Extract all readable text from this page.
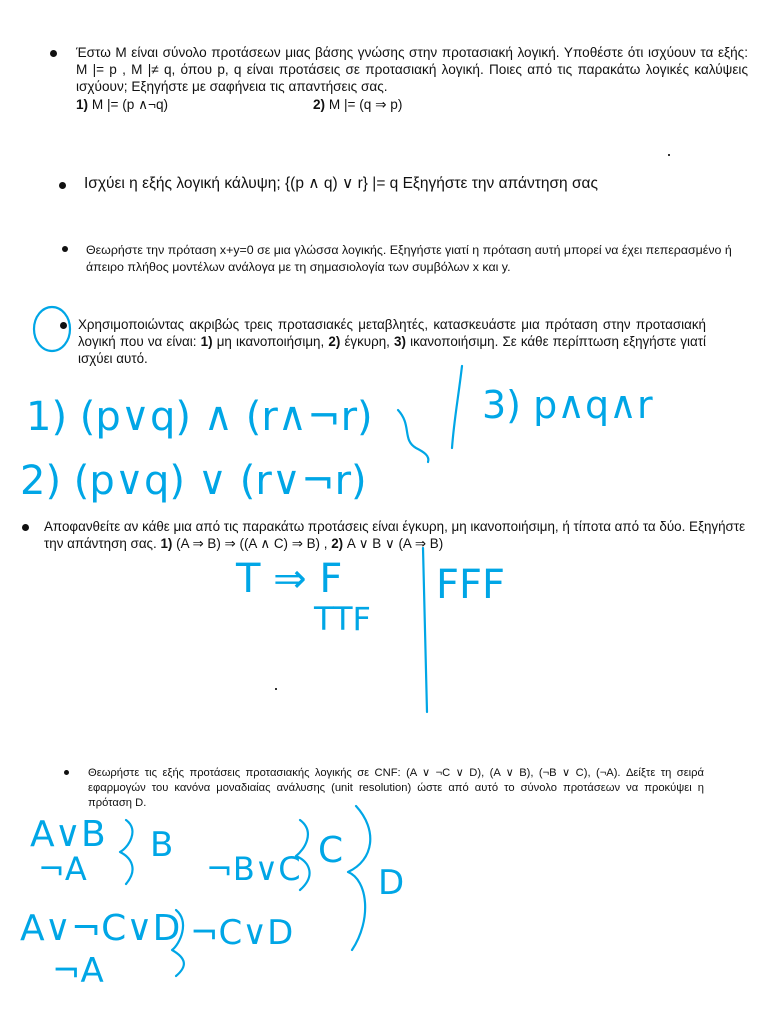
Έστω Μ είναι σύνολο προτάσεων μιας βάσης γνώσης στην προτασιακή λογική. Υποθέστε ότι ισχύουν τα εξής: M |= p , M |≠ q, όπου p, q είναι προτάσεις σε προτασιακή λογική. Ποιες από τις παρακάτω λογικές καλύψεις ισχύουν; Εξηγήστε με σαφήνεια τις απαντήσεις σας.
1) M |= (p ∧¬q)	2) M |= (q ⇒ p)
Ισχύει η εξής λογική κάλυψη; {(p ∧ q) ∨ r} |= q Εξηγήστε την απάντηση σας
Θεωρήστε την πρόταση x+y=0 σε μια γλώσσα λογικής. Εξηγήστε γιατί η πρόταση αυτή μπορεί να έχει πεπερασμένο ή άπειρο πλήθος μοντέλων ανάλογα με τη σημασιολογία των συμβόλων x και y.
Χρησιμοποιώντας ακριβώς τρεις προτασιακές μεταβλητές, κατασκευάστε μια πρόταση στην προτασιακή λογική που να είναι: 1) μη ικανοποιήσιμη, 2) έγκυρη, 3) ικανοποιήσιμη. Σε κάθε περίπτωση εξηγήστε γιατί ισχύει αυτό.
Αποφανθείτε αν κάθε μια από τις παρακάτω προτάσεις είναι έγκυρη, μη ικανοποιήσιμη, ή τίποτα από τα δύο. Εξηγήστε την απάντηση σας. 1) (A ⇒ B) ⇒ ((A ∧ C) ⇒ B) , 2) A ∨ B ∨ (A ⇒ B)
Θεωρήστε τις εξής προτάσεις προτασιακής λογικής σε CNF: (A ∨ ¬C ∨ D), (A ∨ B), (¬B ∨ C), (¬A). Δείξτε τη σειρά εφαρμογών του κανόνα μοναδιαίας ανάλυσης (unit resolution) ώστε από αυτό το σύνολο προτάσεων να προκύψει η πρόταση D.
1) (p∨q) ∧ (r∧¬r)	3) p∧q∧r
2) (p∨q) ∨ (r∨¬r)
T ⇒ F FFF
TTF
A∨B
¬A
B
¬B∨C C
D
A∨¬C∨D ¬C∨D
¬A
